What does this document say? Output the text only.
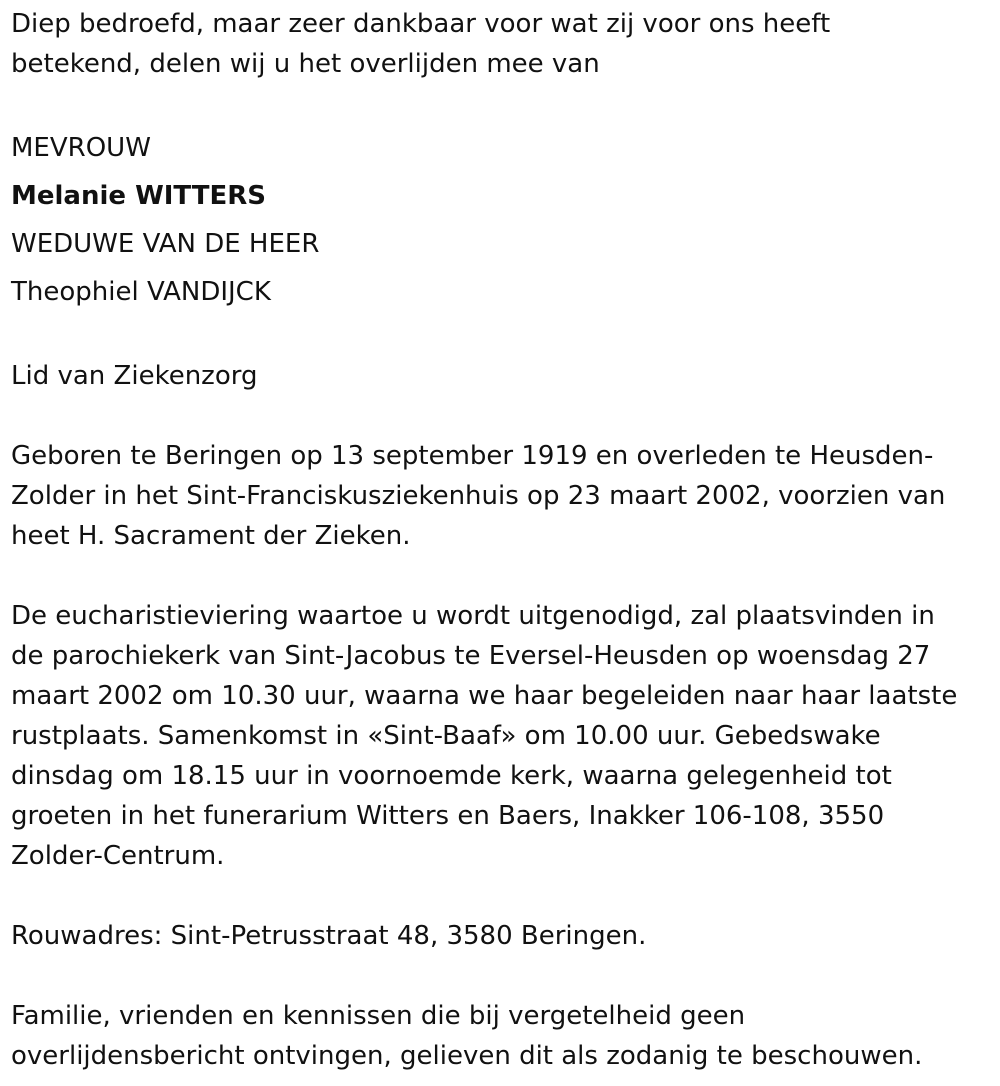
Diep bedroefd, maar zeer dankbaar voor wat zij voor ons heeft
betekend, delen wij u het overlijden mee van

MEVROUW

Melanie WITTERS

WEDUWE VAN DE HEER

Theophiel VANDIJCK

Lid van Ziekenzorg

Geboren te Beringen op 13 september 1919 en overleden te Heusden-
Zolder in het Sint-Franciskusziekenhuis op 23 maart 2002, voorzien van
heet H. Sacrament der Zieken.

De eucharistieviering waartoe u wordt uitgenodigd, zal plaatsvinden in
de parochiekerk van Sint-Jacobus te Eversel-Heusden op woensdag 27
maart 2002 om 10.30 uur, waarna we haar begeleiden naar haar laatste
rustplaats. Samenkomst in «Sint-Baaf» om 10.00 uur. Gebedswake
dinsdag om 18.15 uur in voornoemde kerk, waarna gelegenheid tot
groeten in het funerarium Witters en Baers, Inakker 106-108, 3550
Zolder-Centrum.

Rouwadres: Sint-Petrusstraat 48, 3580 Beringen.

Familie, vrienden en kennissen die bij vergetelheid geen
overlijdensbericht ontvingen, gelieven dit als zodanig te beschouwen.
